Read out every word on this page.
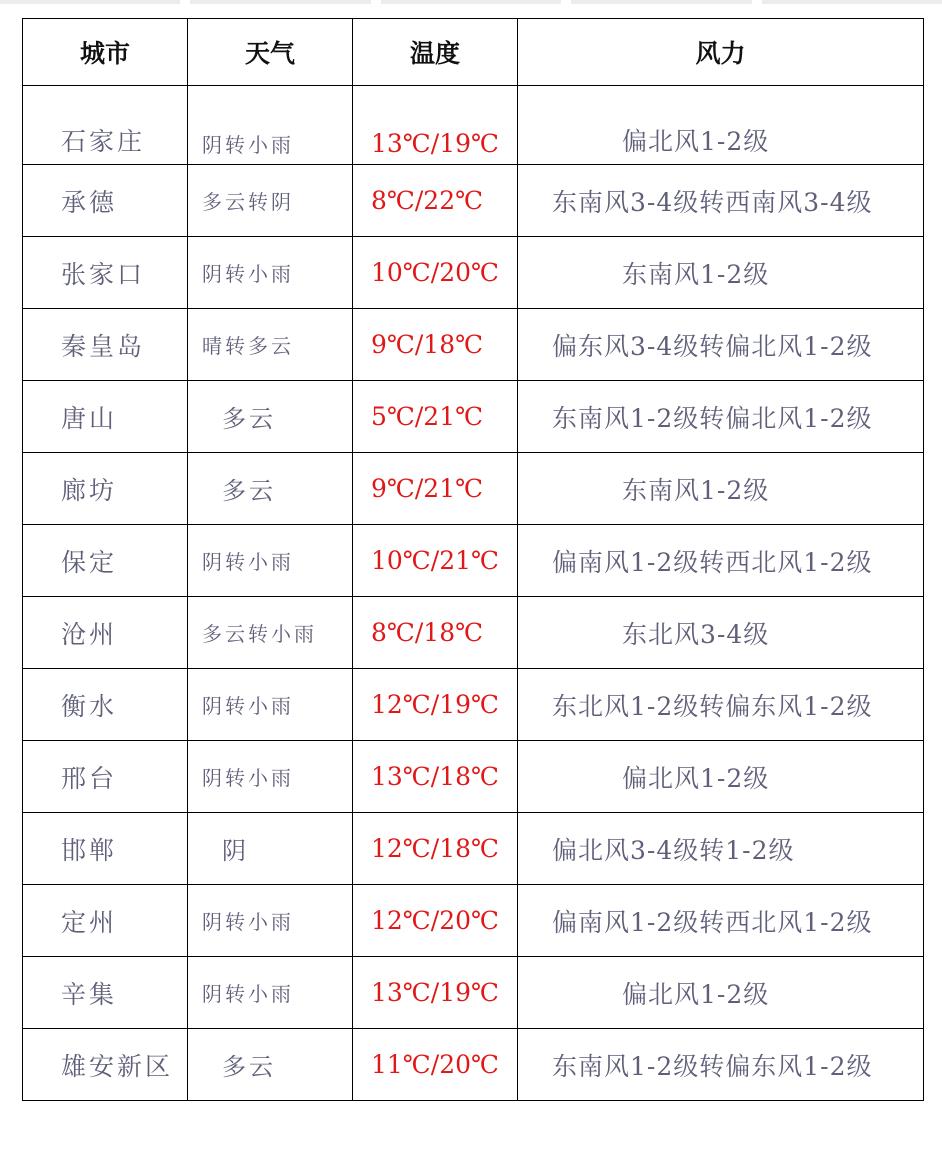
城市	天气	温度	风力
石家庄	阴转小雨	13℃/19℃	偏北风1-2级
承德	多云转阴	8℃/22℃	东南风3-4级转西南风3-4级
张家口	阴转小雨	10℃/20℃	东南风1-2级
秦皇岛	晴转多云	9℃/18℃	偏东风3-4级转偏北风1-2级
唐山	多云	5℃/21℃	东南风1-2级转偏北风1-2级
廊坊	多云	9℃/21℃	东南风1-2级
保定	阴转小雨	10℃/21℃	偏南风1-2级转西北风1-2级
沧州	多云转小雨	8℃/18℃	东北风3-4级
衡水	阴转小雨	12℃/19℃	东北风1-2级转偏东风1-2级
邢台	阴转小雨	13℃/18℃	偏北风1-2级
邯郸	阴	12℃/18℃	偏北风3-4级转1-2级
定州	阴转小雨	12℃/20℃	偏南风1-2级转西北风1-2级
辛集	阴转小雨	13℃/19℃	偏北风1-2级
雄安新区	多云	11℃/20℃	东南风1-2级转偏东风1-2级
